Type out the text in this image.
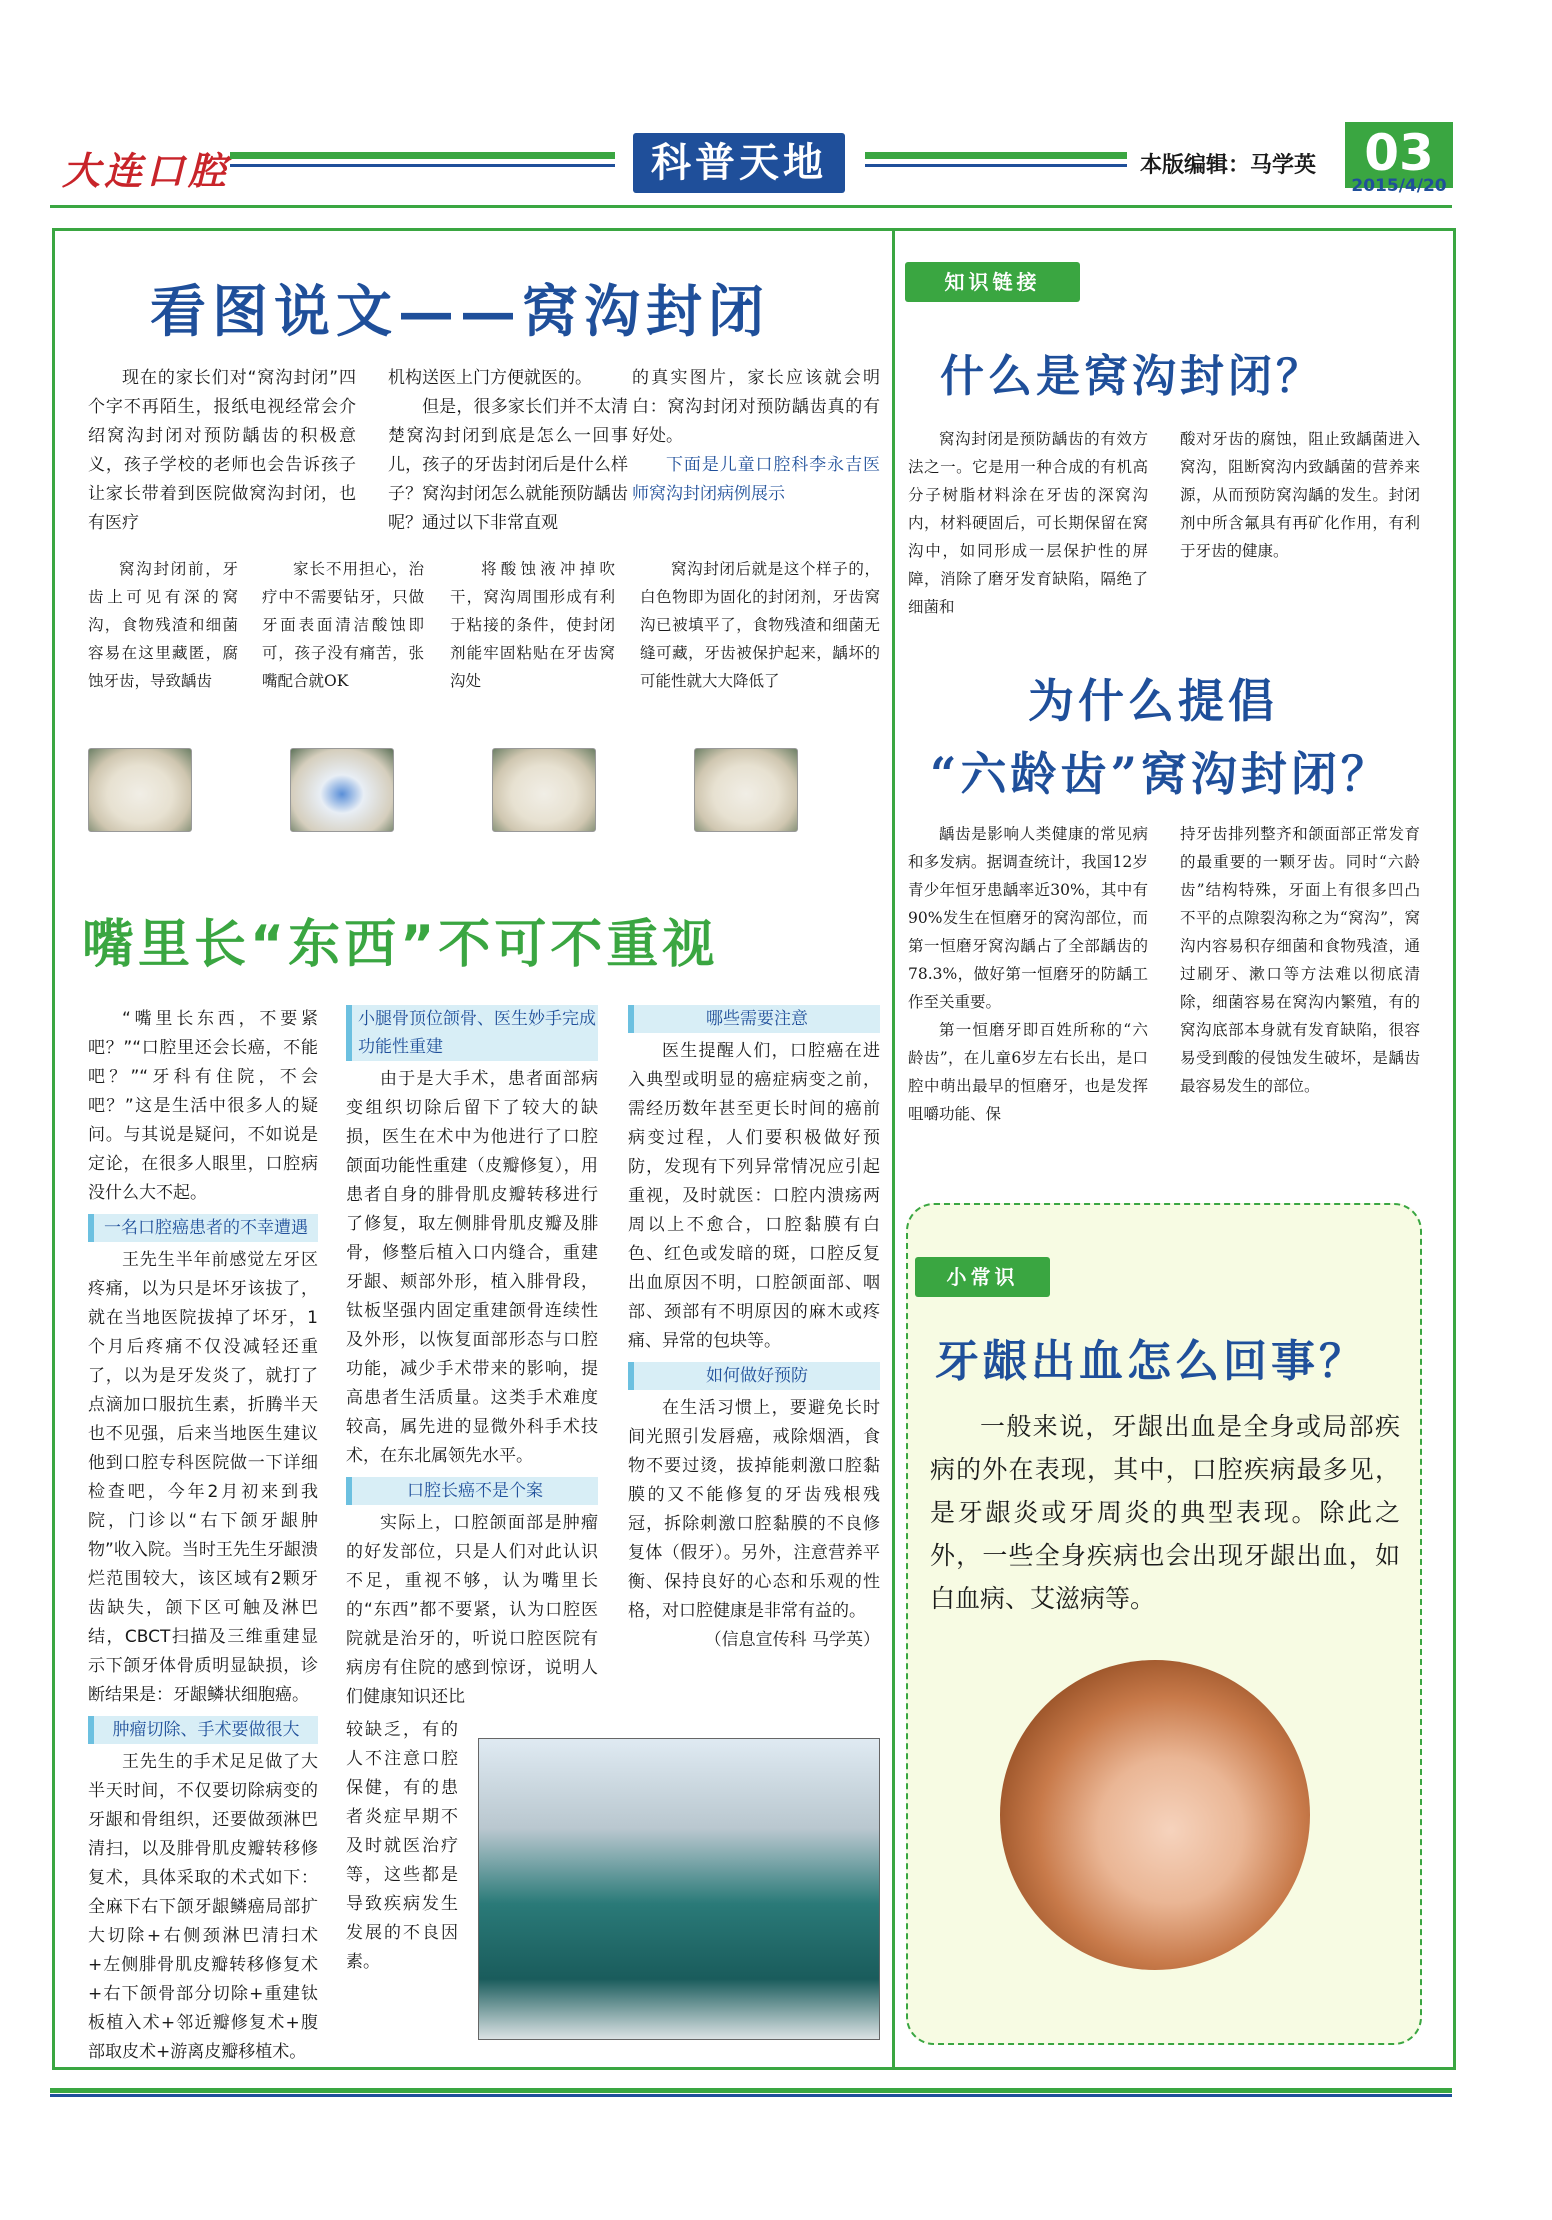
大连口腔	科普天地	本版编辑：马学英 03
2015/4/20
看图说文——窝沟封闭

现在的家长们对“窝沟封闭”四个字不再陌生，报纸电视经常会介绍窝沟封闭对预防龋齿的积极意义，孩子学校的老师也会告诉孩子让家长带着到医院做窝沟封闭，也有医疗

机构送医上门方便就医的。

但是，很多家长们并不太清楚窝沟封闭到底是怎么一回事儿，孩子的牙齿封闭后是什么样子？窝沟封闭怎么就能预防龋齿呢？通过以下非常直观

的真实图片，家长应该就会明白：窝沟封闭对预防龋齿真的有好处。

下面是儿童口腔科李永吉医师窝沟封闭病例展示

窝沟封闭前，牙齿上可见有深的窝沟，食物残渣和细菌容易在这里藏匿，腐蚀牙齿，导致龋齿

家长不用担心，治疗中不需要钻牙，只做牙面表面清洁酸蚀即可，孩子没有痛苦，张嘴配合就OK

将酸蚀液冲掉吹干，窝沟周围形成有利于粘接的条件，使封闭剂能牢固粘贴在牙齿窝沟处

窝沟封闭后就是这个样子的，白色物即为固化的封闭剂，牙齿窝沟已被填平了，食物残渣和细菌无缝可藏，牙齿被保护起来，龋坏的可能性就大大降低了

嘴里长“东西”不可不重视

“嘴里长东西，不要紧吧？”“口腔里还会长癌，不能吧？”“牙科有住院，不会吧？”这是生活中很多人的疑问。与其说是疑问，不如说是定论，在很多人眼里，口腔病没什么大不起。

一名口腔癌患者的不幸遭遇

王先生半年前感觉左牙区疼痛，以为只是坏牙该拔了，就在当地医院拔掉了坏牙，1个月后疼痛不仅没减轻还重了，以为是牙发炎了，就打了点滴加口服抗生素，折腾半天也不见强，后来当地医生建议他到口腔专科医院做一下详细检查吧，今年2月初来到我院，门诊以“右下颌牙龈肿物”收入院。当时王先生牙龈溃烂范围较大，该区域有2颗牙齿缺失，颌下区可触及淋巴结，CBCT扫描及三维重建显示下颌牙体骨质明显缺损，诊断结果是：牙龈鳞状细胞癌。

肿瘤切除、手术要做很大

王先生的手术足足做了大半天时间，不仅要切除病变的牙龈和骨组织，还要做颈淋巴清扫，以及腓骨肌皮瓣转移修复术，具体采取的术式如下：全麻下右下颌牙龈鳞癌局部扩大切除+右侧颈淋巴清扫术+左侧腓骨肌皮瓣转移修复术+右下颌骨部分切除+重建钛板植入术+邻近瓣修复术+腹部取皮术+游离皮瓣移植术。

小腿骨顶位颌骨、医生妙手完成功能性重建

由于是大手术，患者面部病变组织切除后留下了较大的缺损，医生在术中为他进行了口腔颌面功能性重建（皮瓣修复），用患者自身的腓骨肌皮瓣转移进行了修复，取左侧腓骨肌皮瓣及腓骨，修整后植入口内缝合，重建牙龈、颊部外形，植入腓骨段，钛板坚强内固定重建颌骨连续性及外形，以恢复面部形态与口腔功能，减少手术带来的影响，提高患者生活质量。这类手术难度较高，属先进的显微外科手术技术，在东北属领先水平。

口腔长癌不是个案

实际上，口腔颌面部是肿瘤的好发部位，只是人们对此认识不足，重视不够，认为嘴里长的“东西”都不要紧，认为口腔医院就是治牙的，听说口腔医院有病房有住院的感到惊讶，说明人们健康知识还比

较缺乏，有的人不注意口腔保健，有的患者炎症早期不及时就医治疗等，这些都是导致疾病发生发展的不良因素。

哪些需要注意

医生提醒人们，口腔癌在进入典型或明显的癌症病变之前，需经历数年甚至更长时间的癌前病变过程，人们要积极做好预防，发现有下列异常情况应引起重视，及时就医：口腔内溃疡两周以上不愈合，口腔黏膜有白色、红色或发暗的斑，口腔反复出血原因不明，口腔颌面部、咽部、颈部有不明原因的麻木或疼痛、异常的包块等。

如何做好预防

在生活习惯上，要避免长时间光照引发唇癌，戒除烟酒，食物不要过烫，拔掉能刺激口腔黏膜的又不能修复的牙齿残根残冠，拆除刺激口腔黏膜的不良修复体（假牙）。另外，注意营养平衡、保持良好的心态和乐观的性格，对口腔健康是非常有益的。

（信息宣传科 马学英）
知识链接
什么是窝沟封闭？

窝沟封闭是预防龋齿的有效方法之一。它是用一种合成的有机高分子树脂材料涂在牙齿的深窝沟内，材料硬固后，可长期保留在窝沟中，如同形成一层保护性的屏障，消除了磨牙发育缺陷，隔绝了细菌和

酸对牙齿的腐蚀，阻止致龋菌进入窝沟，阻断窝沟内致龋菌的营养来源，从而预防窝沟龋的发生。封闭剂中所含氟具有再矿化作用，有利于牙齿的健康。

为什么提倡
“六龄齿”窝沟封闭？

龋齿是影响人类健康的常见病和多发病。据调查统计，我国12岁青少年恒牙患龋率近30%，其中有90%发生在恒磨牙的窝沟部位，而第一恒磨牙窝沟龋占了全部龋齿的78.3%，做好第一恒磨牙的防龋工作至关重要。

第一恒磨牙即百姓所称的“六龄齿”，在儿童6岁左右长出，是口腔中萌出最早的恒磨牙，也是发挥咀嚼功能、保

持牙齿排列整齐和颌面部正常发育的最重要的一颗牙齿。同时“六龄齿”结构特殊，牙面上有很多凹凸不平的点隙裂沟称之为“窝沟”，窝沟内容易积存细菌和食物残渣，通过刷牙、漱口等方法难以彻底清除，细菌容易在窝沟内繁殖，有的窝沟底部本身就有发育缺陷，很容易受到酸的侵蚀发生破坏，是龋齿最容易发生的部位。

小常识
牙龈出血怎么回事？

一般来说，牙龈出血是全身或局部疾病的外在表现，其中，口腔疾病最多见，是牙龈炎或牙周炎的典型表现。除此之外，一些全身疾病也会出现牙龈出血，如白血病、艾滋病等。
